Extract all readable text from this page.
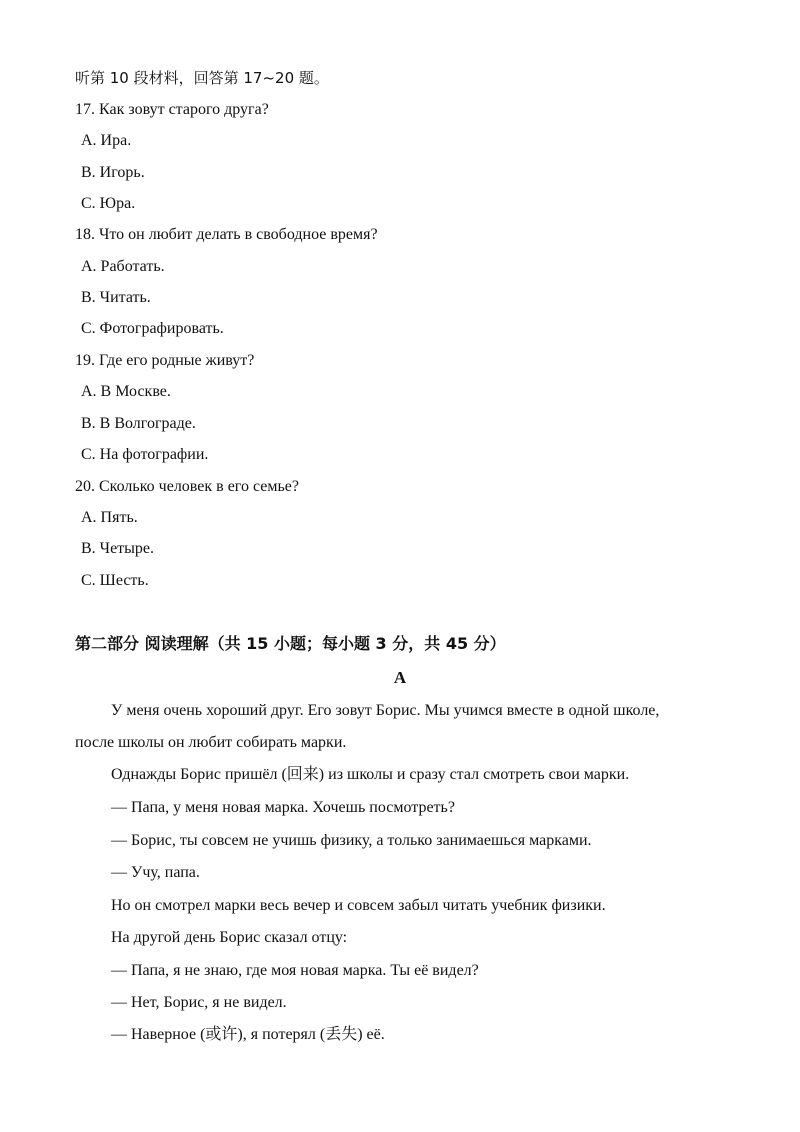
听第 10 段材料，回答第 17~20 题。
17. Как зовут старого друга?
A. Ира.
B. Игорь.
C. Юра.
18. Что он любит делать в свободное время?
A. Работать.
B. Читать.
C. Фотографировать.
19. Где его родные живут?
A. В Москве.
B. В Волгограде.
C. На фотографии.
20. Сколько человек в его семье?
A. Пять.
B. Четыре.
C. Шесть.
第二部分 阅读理解（共 15 小题；每小题 3 分，共 45 分）
A
У меня очень хороший друг. Его зовут Борис. Мы учимся вместе в одной школе,
после школы он любит собирать марки.
Однажды Борис пришёл (回来) из школы и сразу стал смотреть свои марки.
— Папа, у меня новая марка. Хочешь посмотреть?
— Борис, ты совсем не учишь физику, а только занимаешься марками.
— Учу, папа.
Но он смотрел марки весь вечер и совсем забыл читать учебник физики.
На другой день Борис сказал отцу:
— Папа, я не знаю, где моя новая марка. Ты её видел?
— Нет, Борис, я не видел.
— Наверное (或许), я потерял (丢失) её.
